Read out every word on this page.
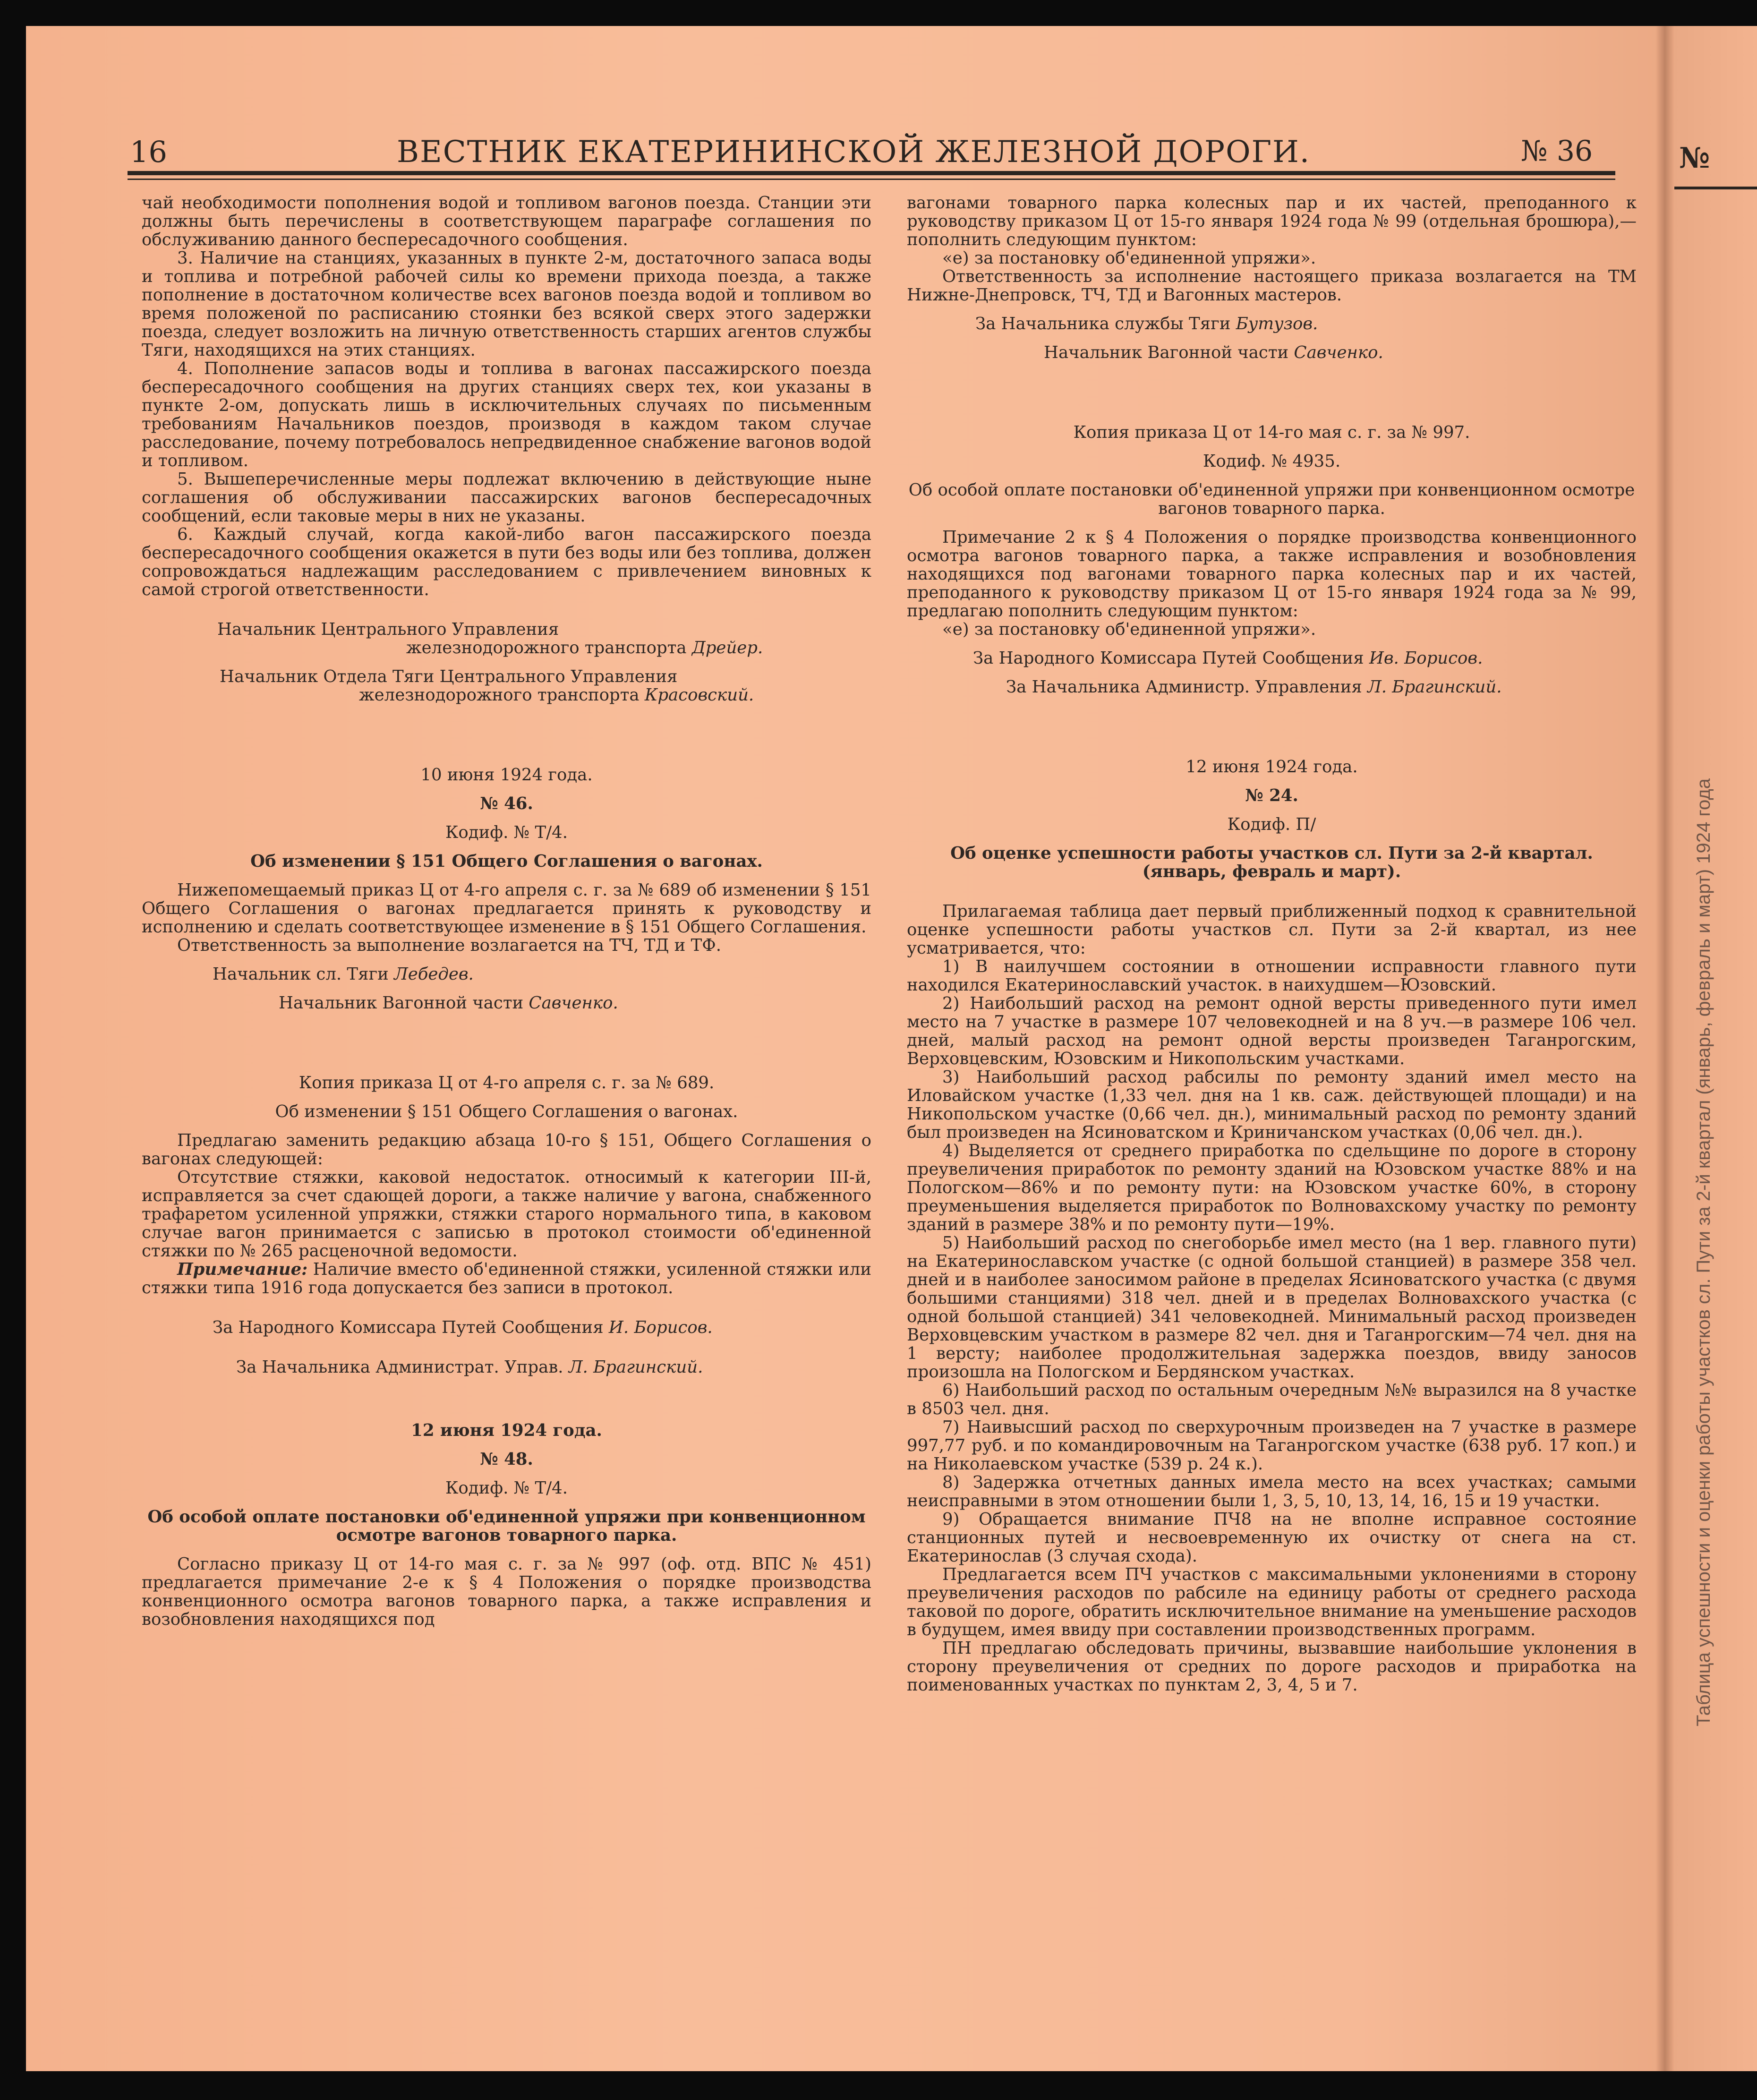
№
Таблица успешности и оценки работы участков сл. Пути за 2-й квартал (январь, февраль и март) 1924 года
16	ВЕСТНИК ЕКАТЕРИНИНСКОЙ ЖЕЛЕЗНОЙ ДОРОГИ.	№ 36

чай необходимости пополнения водой и топливом вагонов поезда. Станции эти должны быть перечислены в соответствующем параграфе соглашения по обслуживанию данного беспересадочного сообщения.

3. Наличие на станциях, указанных в пункте 2-м, достаточного запаса воды и топлива и потребной рабочей силы ко времени прихода поезда, а также пополнение в достаточном количестве всех вагонов поезда водой и топливом во время положеной по расписанию стоянки без всякой сверх этого задержки поезда, следует возложить на личную ответственность старших агентов службы Тяги, находящихся на этих станциях.

4. Пополнение запасов воды и топлива в вагонах пассажирского поезда беспересадочного сообщения на других станциях сверх тех, кои указаны в пункте 2-ом, допускать лишь в исключительных случаях по письменным требованиям Начальников поездов, производя в каждом таком случае расследование, почему потребовалось непредвиденное снабжение вагонов водой и топливом.

5. Вышеперечисленные меры подлежат включению в действующие ныне соглашения об обслуживании пассажирских вагонов беспересадочных сообщений, если таковые меры в них не указаны.

6. Каждый случай, когда какой-либо вагон пассажирского поезда беспересадочного сообщения окажется в пути без воды или без топлива, должен сопровождаться надлежащим расследованием с привлечением виновных к самой строгой ответственности.

Начальник Центрального Управления

железнодорожного транспорта Дрейер.

Начальник Отдела Тяги Центрального Управления

железнодорожного транспорта Красовский.

10 июня 1924 года.

№ 46.

Кодиф. № Т/4.

Об изменении § 151 Общего Соглашения о вагонах.

Нижепомещаемый приказ Ц от 4-го апреля с. г. за № 689 об изменении § 151 Общего Соглашения о вагонах предлагается принять к руководству и исполнению и сделать соответствующее изменение в § 151 Общего Соглашения.

Ответственность за выполнение возлагается на ТЧ, ТД и ТФ.

Начальник сл. Тяги Лебедев.

Начальник Вагонной части Савченко.

Копия приказа Ц от 4-го апреля с. г. за № 689.

Об изменении § 151 Общего Соглашения о вагонах.

Предлагаю заменить редакцию абзаца 10-го § 151, Общего Соглашения о вагонах следующей:

Отсутствие стяжки, каковой недостаток. относимый к категории III-й, исправляется за счет сдающей дороги, а также наличие у вагона, снабженного трафаретом усиленной упряжки, стяжки старого нормального типа, в каковом случае вагон принимается с записью в протокол стоимости об'единенной стяжки по № 265 расценочной ведомости.

Примечание: Наличие вместо об'единенной стяжки, усиленной стяжки или стяжки типа 1916 года допускается без записи в протокол.

За Народного Комиссара Путей Сообщения И. Борисов.

За Начальника Администрат. Управ. Л. Брагинский.

12 июня 1924 года.

№ 48.

Кодиф. № Т/4.

Об особой оплате постановки об'единенной упряжи при конвенционном осмотре вагонов товарного парка.

Согласно приказу Ц от 14-го мая с. г. за № 997 (оф. отд. ВПС № 451) предлагается примечание 2-е к § 4 Положения о порядке производства конвенционного осмотра вагонов товарного парка, а также исправления и возобновления находящихся под

вагонами товарного парка колесных пар и их частей, преподанного к руководству приказом Ц от 15-го января 1924 года № 99 (отдельная брошюра),—пополнить следующим пунктом:

«е) за постановку об'единенной упряжи».

Ответственность за исполнение настоящего приказа возлагается на ТМ Нижне-Днепровск, ТЧ, ТД и Вагонных мастеров.

За Начальника службы Тяги Бутузов.

Начальник Вагонной части Савченко.

Копия приказа Ц от 14-го мая с. г. за № 997.

Кодиф. № 4935.

Об особой оплате постановки об'единенной упряжи при конвенционном осмотре вагонов товарного парка.

Примечание 2 к § 4 Положения о порядке производства конвенционного осмотра вагонов товарного парка, а также исправления и возобновления находящихся под вагонами товарного парка колесных пар и их частей, преподанного к руководству приказом Ц от 15-го января 1924 года за № 99, предлагаю пополнить следующим пунктом:

«е) за постановку об'единенной упряжи».

За Народного Комиссара Путей Сообщения Ив. Борисов.

За Начальника Администр. Управления Л. Брагинский.

12 июня 1924 года.

№ 24.

Кодиф. П/

Об оценке успешности работы участков сл. Пути за 2-й квартал. (январь, февраль и март).

Прилагаемая таблица дает первый приближенный подход к сравнительной оценке успешности работы участков сл. Пути за 2-й квартал, из нее усматривается, что:

1) В наилучшем состоянии в отношении исправности главного пути находился Екатеринославский участок. в наихудшем—Юзовский.

2) Наибольший расход на ремонт одной версты приведенного пути имел место на 7 участке в размере 107 человекодней и на 8 уч.—в размере 106 чел. дней, малый расход на ремонт одной версты произведен Таганрогским, Верховцевским, Юзовским и Никопольским участками.

3) Наибольший расход рабсилы по ремонту зданий имел место на Иловайском участке (1,33 чел. дня на 1 кв. саж. действующей площади) и на Никопольском участке (0,66 чел. дн.), минимальный расход по ремонту зданий был произведен на Ясиноватском и Криничанском участках (0,06 чел. дн.).

4) Выделяется от среднего приработка по сдельщине по дороге в сторону преувеличения приработок по ремонту зданий на Юзовском участке 88% и на Пологском—86% и по ремонту пути: на Юзовском участке 60%, в сторону преуменьшения выделяется приработок по Волновахскому участку по ремонту зданий в размере 38% и по ремонту пути—19%.

5) Наибольший расход по снегоборьбе имел место (на 1 вер. главного пути) на Екатеринославском участке (с одной большой станцией) в размере 358 чел. дней и в наиболее заносимом районе в пределах Ясиноватского участка (с двумя большими станциями) 318 чел. дней и в пределах Волновахского участка (с одной большой станцией) 341 человекодней. Минимальный расход произведен Верховцевским участком в размере 82 чел. дня и Таганрогским—74 чел. дня на 1 версту; наиболее продолжительная задержка поездов, ввиду заносов произошла на Пологском и Бердянском участках.

6) Наибольший расход по остальным очередным №№ выразился на 8 участке в 8503 чел. дня.

7) Наивысший расход по сверхурочным произведен на 7 участке в размере 997,77 руб. и по командировочным на Таганрогском участке (638 руб. 17 коп.) и на Николаевском участке (539 р. 24 к.).

8) Задержка отчетных данных имела место на всех участках; самыми неисправными в этом отношении были 1, 3, 5, 10, 13, 14, 16, 15 и 19 участки.

9) Обращается внимание ПЧ8 на не вполне исправное состояние станционных путей и несвоевременную их очистку от снега на ст. Екатеринослав (3 случая схода).

Предлагается всем ПЧ участков с максимальными уклонениями в сторону преувеличения расходов по рабсиле на единицу работы от среднего расхода таковой по дороге, обратить исключительное внимание на уменьшение расходов в будущем, имея ввиду при составлении производственных программ.

ПН предлагаю обследовать причины, вызвавшие наибольшие уклонения в сторону преувеличения от средних по дороге расходов и приработка на поименованных участках по пунктам 2, 3, 4, 5 и 7.
